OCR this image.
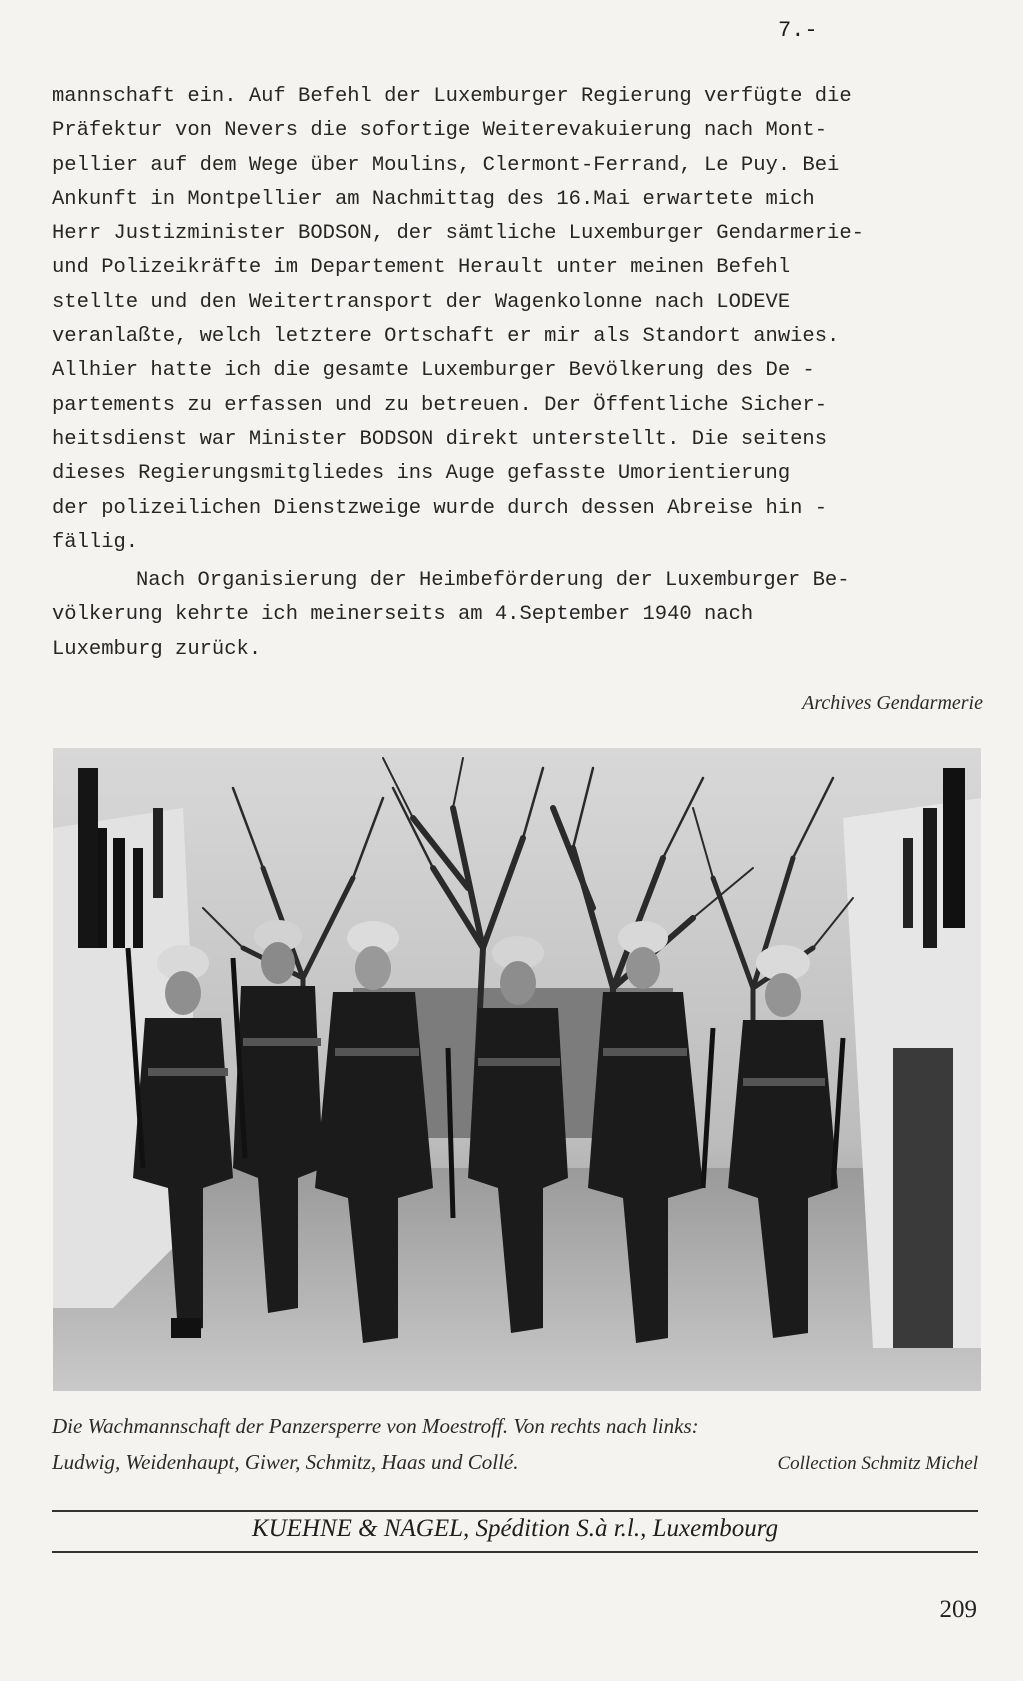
7.-
mannschaft ein. Auf Befehl der Luxemburger Regierung verfügte die
Präfektur von Nevers die sofortige Weiterevakuierung nach Mont-
pellier auf dem Wege über Moulins, Clermont-Ferrand, Le Puy. Bei
Ankunft in Montpellier am Nachmittag des 16.Mai erwartete mich
Herr Justizminister BODSON, der sämtliche Luxemburger Gendarmerie-
und Polizeikräfte im Departement Herault unter meinen Befehl
stellte und den Weitertransport der Wagenkolonne nach LODEVE
veranlaßte, welch letztere Ortschaft er mir als Standort anwies.
Allhier hatte ich die gesamte Luxemburger Bevölkerung des De -
partements zu erfassen und zu betreuen. Der Öffentliche Sicher-
heitsdienst war Minister BODSON direkt unterstellt. Die seitens
dieses Regierungsmitgliedes ins Auge gefasste Umorientierung
der polizeilichen Dienstzweige wurde durch dessen Abreise hin -
fällig.
Nach Organisierung der Heimbeförderung der Luxemburger Be-
völkerung kehrte ich meinerseits am 4.September 1940 nach
Luxemburg zurück.
Archives Gendarmerie
Die Wachmannschaft der Panzersperre von Moestroff. Von rechts nach links:
Ludwig, Weidenhaupt, Giwer, Schmitz, Haas und Collé.	Collection Schmitz Michel
KUEHNE & NAGEL, Spédition S.à r.l., Luxembourg
209
